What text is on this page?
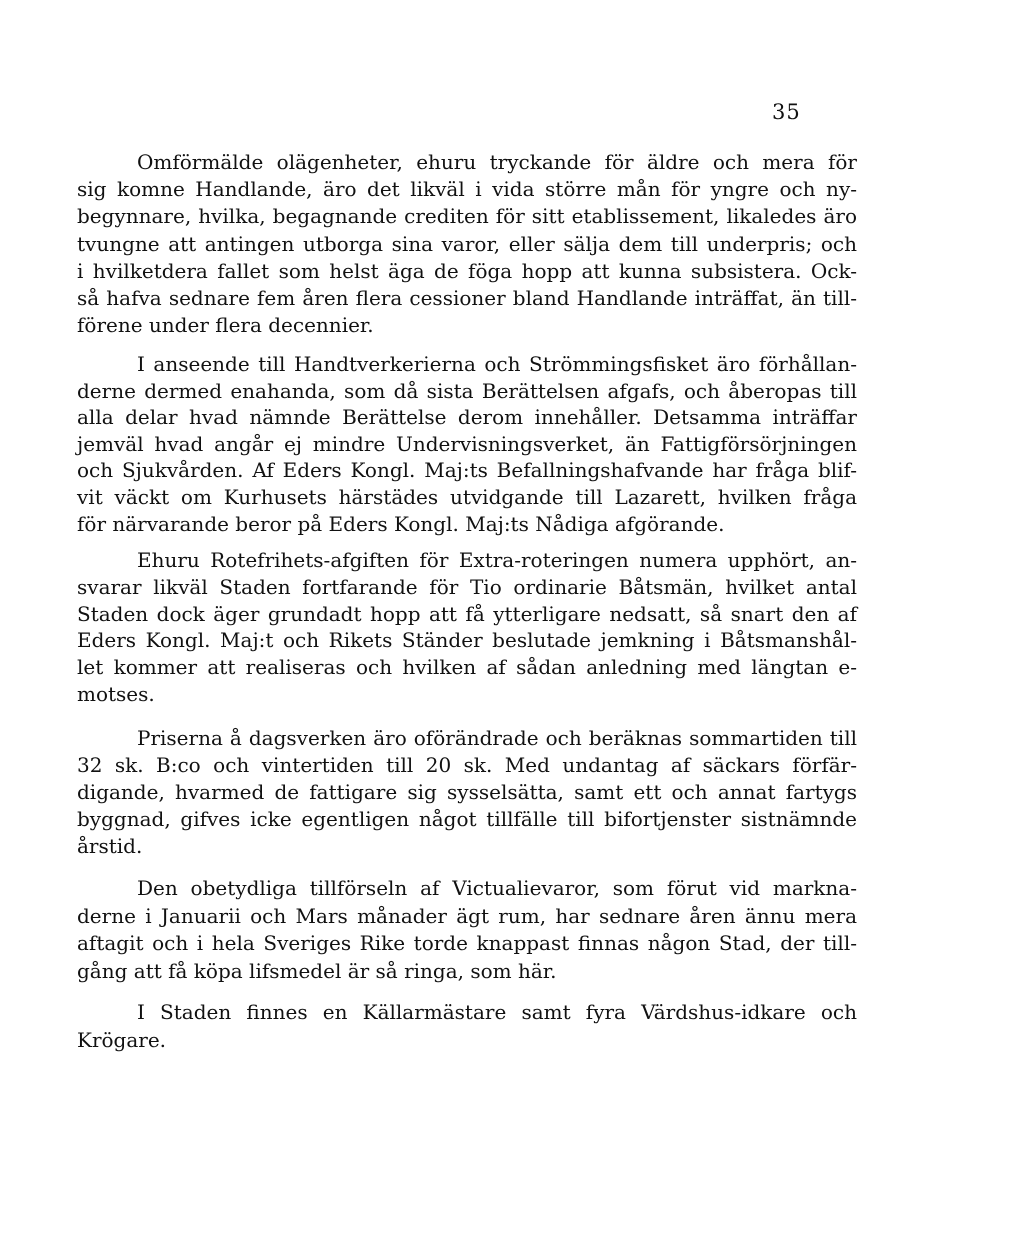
35
Omförmälde olägenheter, ehuru tryckande för äldre och mera för
sig komne Handlande, äro det likväl i vida större mån för yngre och ny-
begynnare, hvilka, begagnande crediten för sitt etablissement, likaledes äro
tvungne att antingen utborga sina varor, eller sälja dem till underpris; och
i hvilketdera fallet som helst äga de föga hopp att kunna subsistera. Ock-
så hafva sednare fem åren flera cessioner bland Handlande inträffat, än till-
förene under flera decennier.
I anseende till Handtverkerierna och Strömmingsfisket äro förhållan-
derne dermed enahanda, som då sista Berättelsen afgafs, och åberopas till
alla delar hvad nämnde Berättelse derom innehåller. Detsamma inträffar
jemväl hvad angår ej mindre Undervisningsverket, än Fattigförsörjningen
och Sjukvården. Af Eders Kongl. Maj:ts Befallningshafvande har fråga blif-
vit väckt om Kurhusets härstädes utvidgande till Lazarett, hvilken fråga
för närvarande beror på Eders Kongl. Maj:ts Nådiga afgörande.
Ehuru Rotefrihets-afgiften för Extra-roteringen numera upphört, an-
svarar likväl Staden fortfarande för Tio ordinarie Båtsmän, hvilket antal
Staden dock äger grundadt hopp att få ytterligare nedsatt, så snart den af
Eders Kongl. Maj:t och Rikets Ständer beslutade jemkning i Båtsmanshål-
let kommer att realiseras och hvilken af sådan anledning med längtan e-
motses.
Priserna å dagsverken äro oförändrade och beräknas sommartiden till
32 sk. B:co och vintertiden till 20 sk. Med undantag af säckars förfär-
digande, hvarmed de fattigare sig sysselsätta, samt ett och annat fartygs
byggnad, gifves icke egentligen något tillfälle till bifortjenster sistnämnde
årstid.
Den obetydliga tillförseln af Victualievaror, som förut vid markna-
derne i Januarii och Mars månader ägt rum, har sednare åren ännu mera
aftagit och i hela Sveriges Rike torde knappast finnas någon Stad, der till-
gång att få köpa lifsmedel är så ringa, som här.
I Staden finnes en Källarmästare samt fyra Värdshus-idkare och
Krögare.
